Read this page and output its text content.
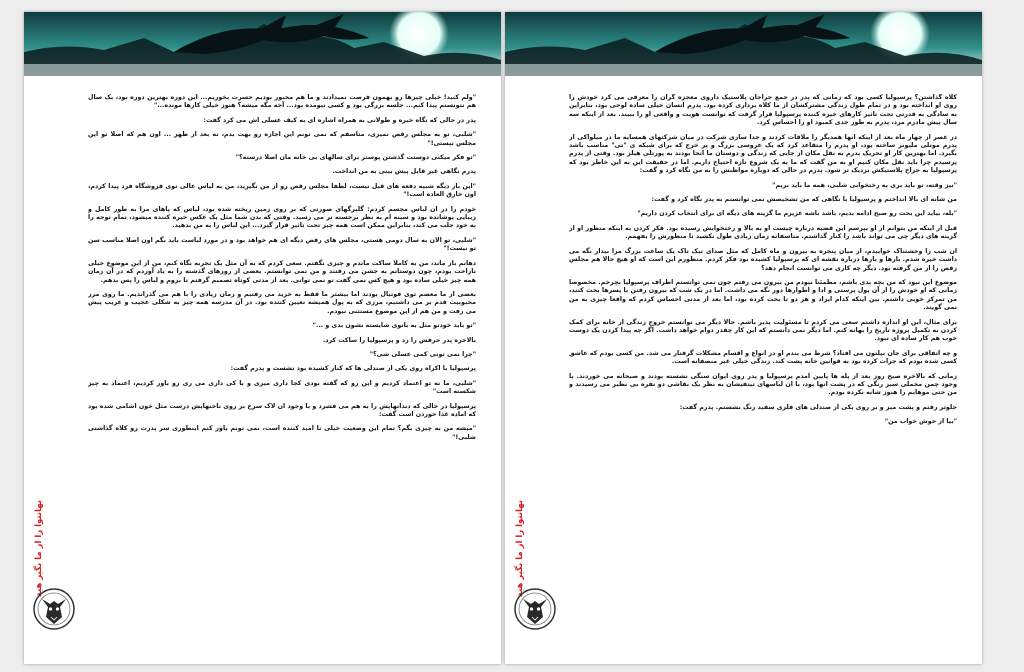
"ولم کنید! خیلی چیزها رو بهمون فرصت نمیدادند و ما هم مجبور بودیم حسرت بخوریم... این دوره بهترین دوره بود، یک سال هم نتونستم پیدا کنم... جلسه بزرگی بود و کسی نیومده بود... آخه مگه میشه؟ هنوز خیلی کارها مونده..."

پدر در حالی که نگاه خیره و طولانی به همراه اشاره ای به کیف عسلی اش می کرد گفت:

"شلبی، تو به مجلس رقص نمیری، متاسفم که نمی تونم این اجازه رو بهت بدم، نه بعد از ظهر ... اون هم که اصلا تو این مجلس نیستی!"

"تو فکر میکنی دوستت گذشتن پوستر برای سالهای بی خانه مان اصلا درسته؟"

پدرم نگاهی غیر قابل پیش بینی به من انداخت.

"این باز دیگه شبیه دفعه های قبل نیست، لطفا مجلس رقص رو از من نگیرید، من به لباس عالی توی فروشگاه فرد پیدا کردم، اون خارق العاده است!"

خودم را در ان لباس مجسم کردم: گلبرگهای صورتی که بر روی زمین ریخته شده بود، لباس که پاهای مرا به طور کامل و زیبایی پوشانده بود و سینه ام به نظر برجسته تر می رسید. وقتی که بدن شما مثل یک عکس خیره کننده میشود، تمام توجه را به خود جلب می کند، بنابراین ممکن است همه چیز تحت تاثیر قرار گیرد... این لباس را به من بدهید.

"شلبی، تو الان به سال دومی هستی، مجلس های رقص دیگه ای هم خواهد بود و در مورد لباست باید بگم اون اصلا مناسب سن تو نیست!"

دهانم باز ماند، من به کاملا ساکت ماندم و چیزی نگفتم. سعی کردم که به آن مثل یک تجربه نگاه کنم، من از این موضوع خیلی ناراحت بودم، چون دوستانم به جشن می رفتند و من نمی توانستم. بعضی از روزهای گذشته را به یاد آوردم که در آن زمان همه چیز خیلی ساده بود و هیچ کس نمی گفت تو نمی توانی. بعد از مدتی کوتاه تصمیم گرفتم تا بروم و لباس را پس بدهم.

بعضی از ما معضم توی فوتبال بودند اما بیشتر ما فقط به خرید می رفتیم و زمان زیادی را با هم می گذراندیم. ما روی مرز محبوبیت قدم بر می داشتیم، مرزی که به پول همیشه تعیین کننده بود. در آن مدرسه همه چیز به شکلی عجیب و غریب پیش می رفت و من هم از این موضوع مستثنی نبودم.

"تو باید خودتو مثل یه بانوی شایسته نشون بدی و ..."

بالاخره پدر حرفش را زد و پرسپولیا را ساکت کرد.

"چرا نمی تونی کمی عسلی شی؟"

پرسپولیا با اکراه روی یکی از صندلی ها که کنار کشیده بود نشست و پدرم گفت:

"شلبی، ما نه تو اعتماد کردیم و این رو که گفته بودی کجا داری میری و با کی داری می ری رو باور کردیم، اعتماد به چیز شکسته است"

پرسپولیا در حالی که دندانهایش را به هم می فشرد و با وجود ان لاک سرخ بر روی ناخنهایش درست مثل خون اشامی شده بود که اماده غذا خوردن است گفت:

"میشه من به چیزی بگم؟ تمام این وضعیت خیلی نا امید کننده است، نمی تونم باور کنم اینطوری سر پدرت رو کلاه گذاشتی شلبی!"

بهانتوا را از ما بگیر هید

کلاه گذاشتن؟ پرسپولیا کسی بود که زمانی که پدر در جمع جراحان پلاستیک داروی معجزه گران را معرفی می کرد خودش را روی او انداخته بود و در تمام طول زندگی مشترکشان از ما کلاه برداری کرده بود. پدرم انسان خیلی ساده لوحی بود، بنابراین به سادگی به قدرتی تحت تاثیر کارهای خیره کننده پرسپولیا قرار گرفت که توانست هویت و واقعی او را ببیند. بعد از اینکه سه سال پیش مادرم مرد، پدرم به طور جدی کمبود او را احساس کرد.

در عصر از چهار ماه بعد از اینکه انها همدیگر را ملاقات کردند و جدا سازی شرکت در میان شرکتهای همسایه ما در میلواکی از پدرم موتلی ملیونر ساخته بود، او پدرم را متقاعد کرد که یک عروسی بزرگ و پر خرج که برای شبکه ی "تی" مناسب باشد بگیرد. اما بهترین کار او تحریک پدرم به نقل مکان از جایی که زندگی و دوستان ما انجا بودند به پورتلی هیلز بود. وقتی از پدرم پرسیدم چرا باید نقل مکان کنیم او به من گفت که ما به یک شروع تازه احتیاج داریم. اما در حقیقت این به این خاطر بود که پرسپولیا به جراح پلاستیکش نزدیک تر شود. پدرم در حالی که دوباره مواظبش را به من نگاه کرد و گفت:

"نیز وقته، تو باید بری به رختخوابی شلبی، همه ما باید بریم"

من شانه ای بالا انداختم و پرسپولیا با نگاهی که من تشخیصش نمی توانستم به پدر نگاه کرد و گفت:

"بله، بیاید این بحث رو صبح ادامه بدیم، باشد باشه عزیزم ما گزینه های دیگه ای برای انتخاب کردن داریم"

قبل از اینکه من بتوانم از او بپرسم این قضیه درباره چیست او به بالا و رختخوابش رسیده بود. فکر کردن به اینکه منظور او از گزینه های دیگر چی می تواند باشد را کنار گذاشتم. متاسفانه زمان زیادی طول نکشید تا منظورش را بفهمم.

ان شب را وحشتناک خوابیدم، از میان پنجره به بیرون و ماه کامل که مثل صدای تیک تاک یک ساعت بزرگ مرا بیدار نگه می داشت خیره شدم. بارها و بارها درباره نقشه ای که پرسپولیا کشیده بود فکر کردم. منظورم این است که او هیچ حالا هم مجلس رقص را از من گرفته بود. دیگر چه کاری می توانست انجام دهد؟

موضوع این نبود که من بچه بدی باشم، مطمئنا نبودم من بیرون می رفتم چون نمی توانستم اطراف پرسپولیا بچرخم. مخصوصا زمانی که او خودش را از آن پول پرستی و ادا و اطوارها دور نگه می داشت. اما در یک شب که بیرون رفتن با پسرها بحث کنند، من تمرکز خوبی داشتم. بین اینکه کدام ایراد و هر دو تا بحث کرده بود، اما بعد از مدتی احساس کردم که واقعا چیزی به من نمی گویند.

برای مثال، این او اندازه داشتم سعی می کردم تا مسئولیت پذیر باشم. حالا دیگر می توانستم خروج زندگی از خانه برای کمک کردن به تکمیل پروژه تاریخ را بهانه کنم. اما دیگر نمی دانستم که این کار چقدر دوام خواهد داشت. اگر چه پیدا کردن یک دوست خوب هم کار ساده ای نبود.

و چه اتفاقی برای جان نیلتون می افتاد؟ شرط می بندم او در انواع و اقسام مشکلات گرفتار می شد. من کسی بودم که عاشق کسی شده بودم که جرات کرده بود به قوانین خانه پشت کند. زندگی خیلی غیر منصفانه است.

زمانی که بالاخره صبح روز بعد از پله ها پایین امدم پرسپولیا و پدر روی ایوان سنگی نشسته بودند و صبحانه می خوردند. با وجود چمن مخملی سبز رنگی که در پشت انها بود، با ان لباسهای تیتفیشان به نظر یک نقاشی دو نفره بی نظیر می رسیدند و من حتی موهایم را هنوز شانه نکرده بودم.

جلوتر رفتم و پشت میز و بر روی یکی از صندلی های فلزی سفید رنگ نشستم. پدرم گفت:

"بیا از خوش خواب من"

بهانتوا را از ما بگیر هید
